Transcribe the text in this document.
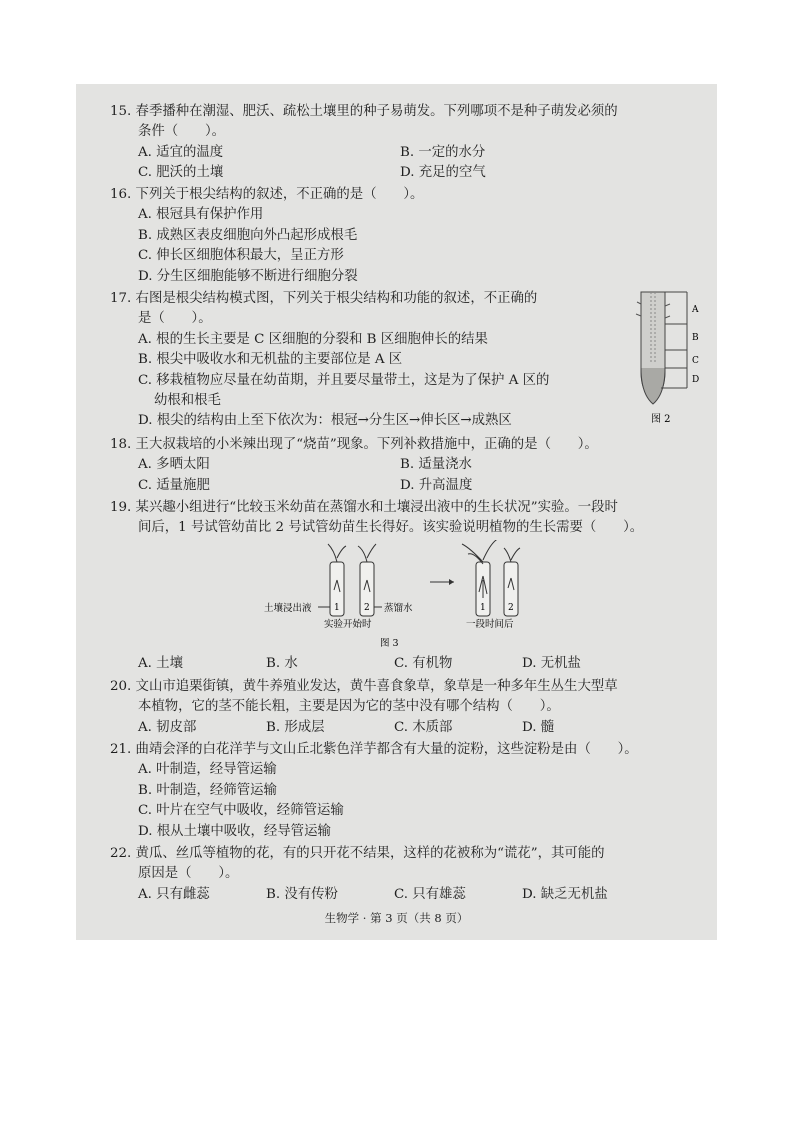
15. 春季播种在潮湿、肥沃、疏松土壤里的种子易萌发。下列哪项不是种子萌发必须的

条件（　　）。

A. 适宜的温度	B. 一定的水分

C. 肥沃的土壤	D. 充足的空气

16. 下列关于根尖结构的叙述，不正确的是（　　）。

A. 根冠具有保护作用

B. 成熟区表皮细胞向外凸起形成根毛

C. 伸长区细胞体积最大，呈正方形

D. 分生区细胞能够不断进行细胞分裂

17. 右图是根尖结构模式图，下列关于根尖结构和功能的叙述，不正确的

是（　　）。

A. 根的生长主要是 C 区细胞的分裂和 B 区细胞伸长的结果

B. 根尖中吸收水和无机盐的主要部位是 A 区

C. 移栽植物应尽量在幼苗期，并且要尽量带土，这是为了保护 A 区的

幼根和根毛

D. 根尖的结构由上至下依次为：根冠→分生区→伸长区→成熟区

A
B
C
D
图 2

18. 王大叔栽培的小米辣出现了“烧苗”现象。下列补救措施中，正确的是（　　）。

A. 多晒太阳	B. 适量浇水

C. 适量施肥	D. 升高温度

19. 某兴趣小组进行“比较玉米幼苗在蒸馏水和土壤浸出液中的生长状况”实验。一段时

间后，1 号试管幼苗比 2 号试管幼苗生长得好。该实验说明植物的生长需要（　　）。

1	2
土壤浸出液	蒸馏水
实验开始时
1 2
一段时间后
图 3

A. 土壤	B. 水	C. 有机物	D. 无机盐

20. 文山市追栗街镇，黄牛养殖业发达，黄牛喜食象草，象草是一种多年生丛生大型草

本植物，它的茎不能长粗，主要是因为它的茎中没有哪个结构（　　）。

A. 韧皮部	B. 形成层	C. 木质部	D. 髓

21. 曲靖会泽的白花洋芋与文山丘北紫色洋芋都含有大量的淀粉，这些淀粉是由（　　）。

A. 叶制造，经导管运输

B. 叶制造，经筛管运输

C. 叶片在空气中吸收，经筛管运输

D. 根从土壤中吸收，经导管运输

22. 黄瓜、丝瓜等植物的花，有的只开花不结果，这样的花被称为“谎花”，其可能的

原因是（　　）。

A. 只有雌蕊	B. 没有传粉	C. 只有雄蕊	D. 缺乏无机盐

生物学 · 第 3 页（共 8 页）
